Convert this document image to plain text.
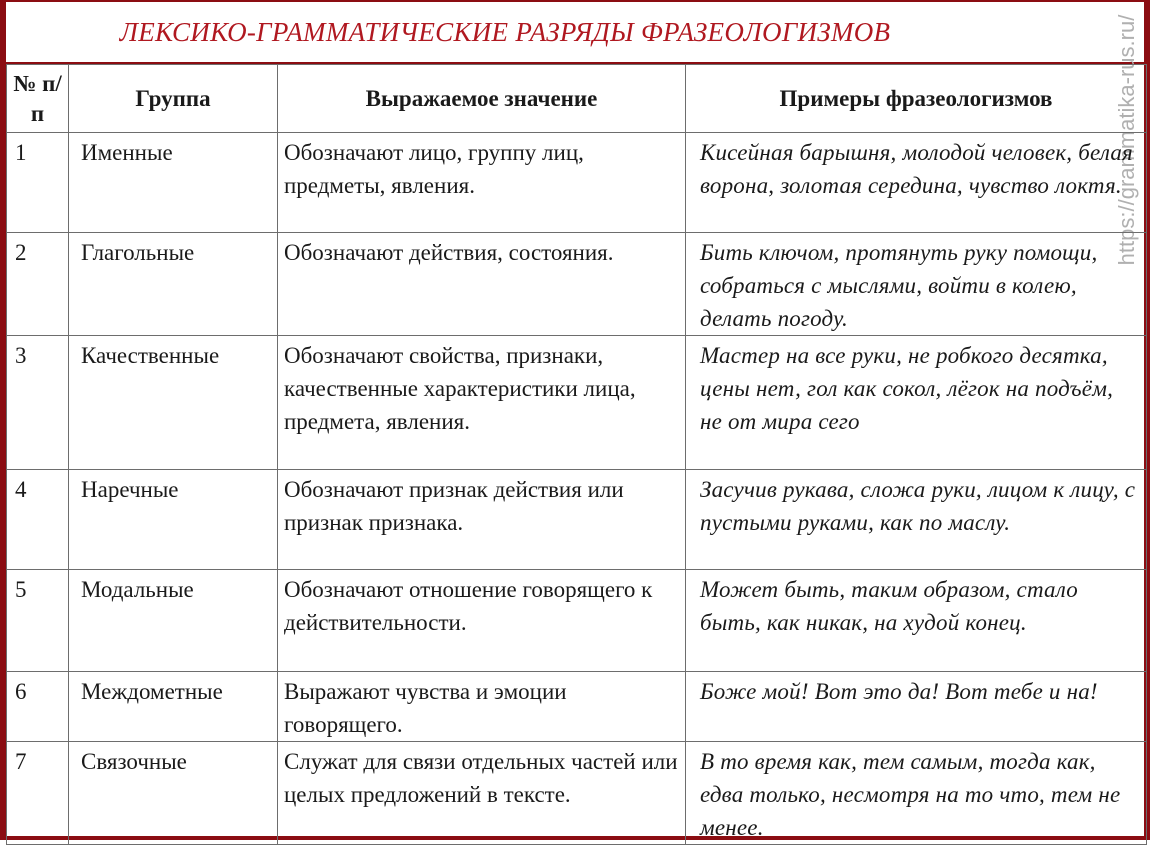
ЛЕКСИКО-ГРАММАТИЧЕСКИЕ РАЗРЯДЫ ФРАЗЕОЛОГИЗМОВ	https://grammatika-rus.ru/
№ п/п	Группа	Выражаемое значение	Примеры фразеологизмов
1	Именные	Обозначают лицо, группу лиц, предметы, явления.	Кисейная барышня, молодой человек, белая ворона, золотая середина, чувство локтя.
2	Глагольные	Обозначают действия, состояния.	Бить ключом, протянуть руку помощи, собраться с мыслями, войти в колею, делать погоду.
3	Качественные	Обозначают свойства, признаки, качественные характеристики лица, предмета, явления.	Мастер на все руки, не робкого десятка, цены нет, гол как сокол, лёгок на подъём, не от мира сего
4	Наречные	Обозначают признак действия или признак признака.	Засучив рукава, сложа руки, лицом к лицу, с пустыми руками, как по маслу.
5	Модальные	Обозначают отношение говорящего к действительности.	Может быть, таким образом, стало быть, как никак, на худой конец.
6	Междометные	Выражают чувства и эмоции говорящего.	Боже мой! Вот это да! Вот тебе и на!
7	Связочные	Служат для связи отдельных частей или целых предложений в тексте.	В то время как, тем самым, тогда как, едва только, несмотря на то что, тем не менее.
